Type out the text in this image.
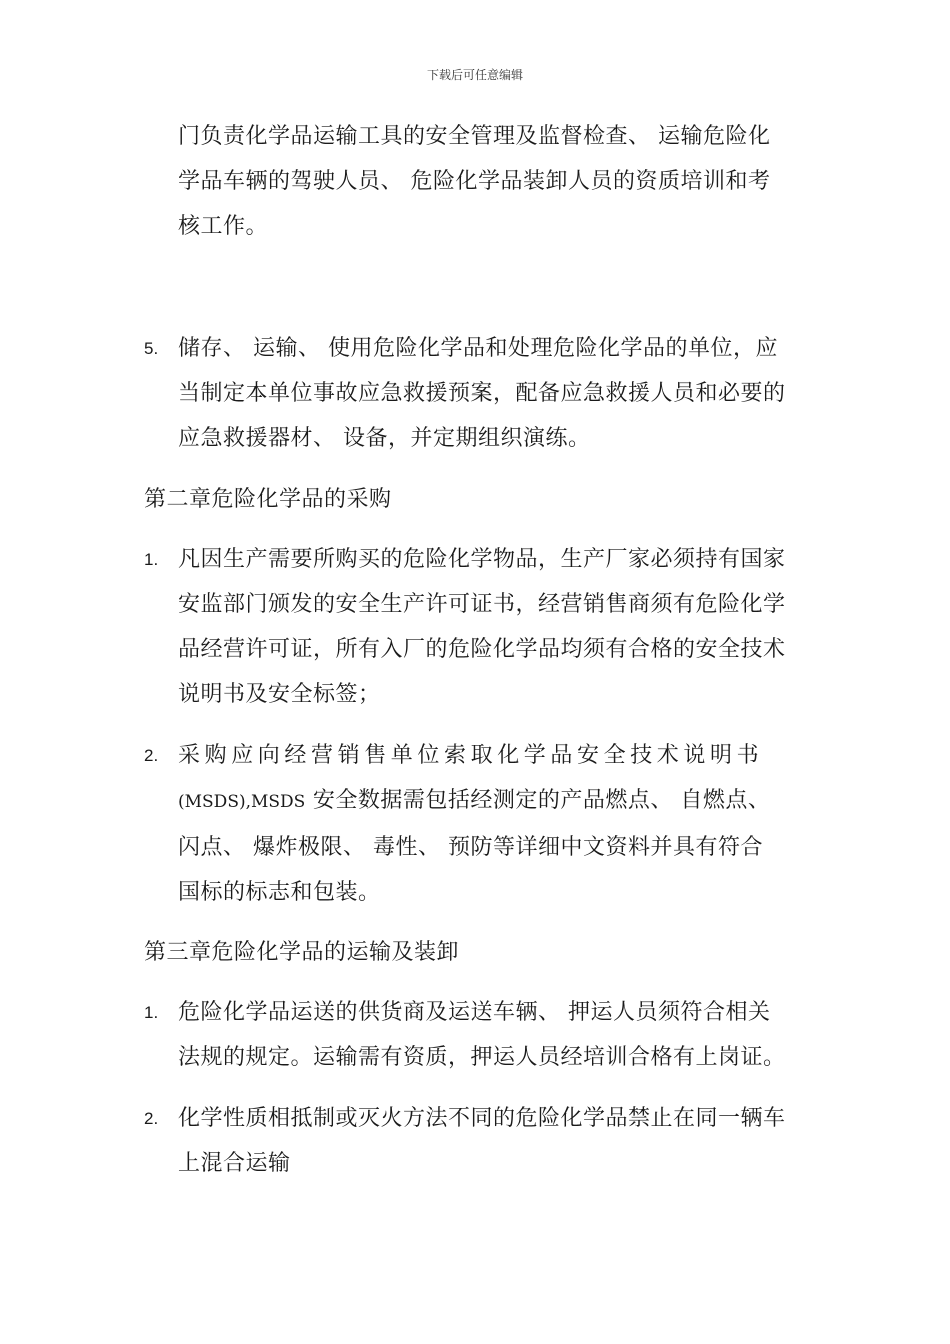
下载后可任意编辑
门负责化学品运输工具的安全管理及监督检查、 运输危险化
学品车辆的驾驶人员、 危险化学品装卸人员的资质培训和考
核工作。
5. 储存、 运输、 使用危险化学品和处理危险化学品的单位，应
当制定本单位事故应急救援预案，配备应急救援人员和必要的
应急救援器材、 设备，并定期组织演练。
第二章危险化学品的采购
1. 凡因生产需要所购买的危险化学物品，生产厂家必须持有国家
安监部门颁发的安全生产许可证书，经营销售商须有危险化学
品经营许可证，所有入厂的危险化学品均须有合格的安全技术
说明书及安全标签；
2. 采购应向经营销售单位索取化学品安全技术说明书
(MSDS),MSDS 安全数据需包括经测定的产品燃点、 自燃点、
闪点、 爆炸极限、 毒性、 预防等详细中文资料并具有符合
国标的标志和包装。
第三章危险化学品的运输及装卸
1. 危险化学品运送的供货商及运送车辆、 押运人员须符合相关
法规的规定。运输需有资质，押运人员经培训合格有上岗证。
2. 化学性质相抵制或灭火方法不同的危险化学品禁止在同一辆车
上混合运输
